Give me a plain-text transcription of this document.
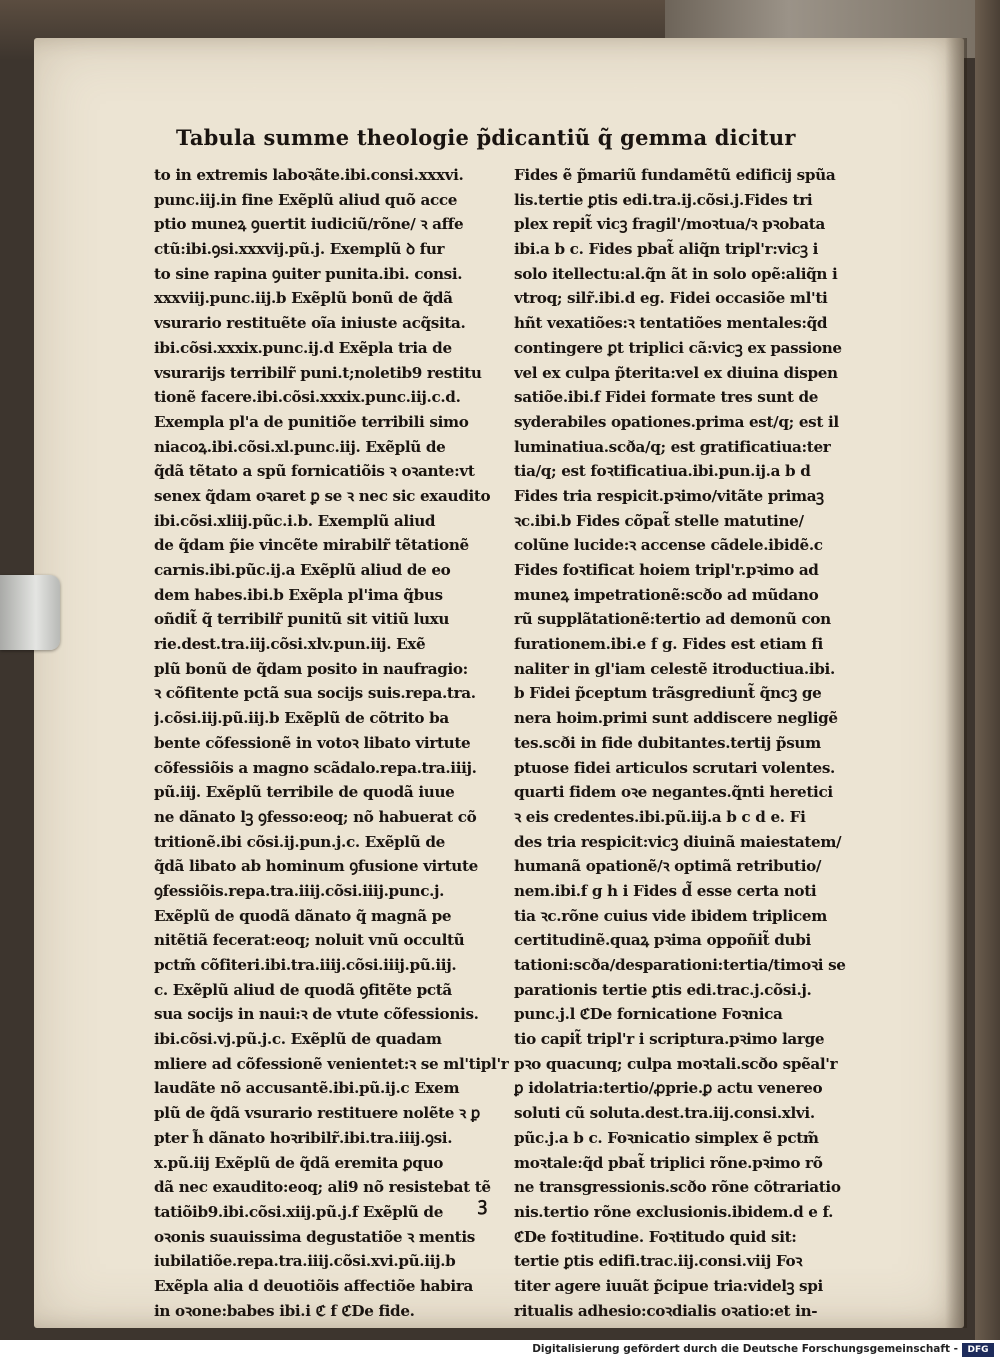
Tabula summe theologie p̃dicantiũ q̃ gemma dicitur
to in extremis laboꝛãte.ibi.consi.xxxvi.
punc.iij.in fine Exẽplũ aliud quõ acce
ptio muneꝝ ꝯuertit iudiciũ/rõne/ ꝛ affe
ctũ:ibi.ꝯsi.xxxvij.pũ.j. Exemplũ ꝺ fur
to sine rapina ꝯuiter punita.ibi. consi.
xxxviij.punc.iij.b Exẽplũ bonũ de q̃dã
vsurario restituẽte oĩa iniuste acq̃sita.
ibi.cõsi.xxxix.punc.ij.d Exẽpla tria de
vsurarijs terribilr̃ puni.t;noletib9 restitu
tionẽ facere.ibi.cõsi.xxxix.punc.iij.c.d.
Exempla pl'a de punitiõe terribili simo
niacoꝝ.ibi.cõsi.xl.punc.iij. Exẽplũ de
q̃dã tẽtato a spũ fornicatiõis ꝛ oꝛante:vt
senex q̃dam oꝛaret ꝑ se ꝛ nec sic exaudito
ibi.cõsi.xliij.pũc.i.b. Exemplũ aliud
de q̃dam p̃ie vincẽte mirabilr̃ tẽtationẽ
carnis.ibi.pũc.ij.a Exẽplũ aliud de eo
dem habes.ibi.b Exẽpla pl'ima q̃bus
oñdit̃ q̃ terribilr̃ punitũ sit vitiũ luxu
rie.dest.tra.iij.cõsi.xlv.pun.iij. Exẽ
plũ bonũ de q̃dam posito in naufragio:
ꝛ cõfitente pctã sua socijs suis.repa.tra.
j.cõsi.iij.pũ.iij.b Exẽplũ de cõtrito ba
bente cõfessionẽ in votoꝛ libato virtute
cõfessiõis a magno scãdalo.repa.tra.iiij.
pũ.iij. Exẽplũ terribile de quodã iuue
ne dãnato lꝫ ꝯfesso:eoq; nõ habuerat cõ
tritionẽ.ibi cõsi.ij.pun.j.c. Exẽplũ de
q̃dã libato ab hominum ꝯfusione virtute
ꝯfessiõis.repa.tra.iiij.cõsi.iiij.punc.j.
Exẽplũ de quodã dãnato q̃ magnã pe
nitẽtiã fecerat:eoq; noluit vnũ occultũ
pctm̃ cõfiteri.ibi.tra.iiij.cõsi.iiij.pũ.iij.
c. Exẽplũ aliud de quodã ꝯfitẽte pctã
sua socijs in naui:ꝛ de vtute cõfessionis.
ibi.cõsi.vj.pũ.j.c. Exẽplũ de quadam
mliere ad cõfessionẽ venientet:ꝛ se ml'tipl'r
laudãte nõ accusantẽ.ibi.pũ.ij.c Exem
plũ de q̃dã vsurario restituere nolẽte ꝛ ꝑ
pter h̃ dãnato hoꝛribilr̃.ibi.tra.iiij.ꝯsi.
x.pũ.iij Exẽplũ de q̃dã eremita ꝑquo
dã nec exaudito:eoq; ali9 nõ resistebat tẽ
tatiõib9.ibi.cõsi.xiij.pũ.j.f Exẽplũ de
oꝛonis suauissima degustatiõe ꝛ mentis
iubilatiõe.repa.tra.iiij.cõsi.xvi.pũ.iij.b
Exẽpla alia d deuotiõis affectiõe habira
in oꝛone:babes ibi.i ℭ f ℭDe fide.
Fides ẽ p̃mariũ fundamẽtũ edificij spũa
lis.tertie ꝑtis edi.tra.ij.cõsi.j.Fides tri
plex repit̃ vicꝫ fragil'/moꝛtua/ꝛ pꝛobata
ibi.a b c. Fides pbat̃ aliq̃n tripl'r:vicꝫ i
solo itellectu:al.q̃n ãt in solo opẽ:aliq̃n i
vtroq; silr̃.ibi.d eg. Fidei occasiõe ml'ti
hñt vexatiões:ꝛ tentatiões mentales:q̃d
contingere ꝑt triplici cã:vicꝫ ex passione
vel ex culpa p̃terita:vel ex diuina dispen
satiõe.ibi.f Fidei formate tres sunt de
syderabiles opationes.prima est/q; est il
luminatiua.scða/q; est gratificatiua:ter
tia/q; est foꝛtificatiua.ibi.pun.ij.a b d
Fides tria respicit.pꝛimo/vitãte primaꝫ
ꝛc.ibi.b Fides cõpat̃ stelle matutine/
colũne lucide:ꝛ accense cãdele.ibidẽ.c
Fides foꝛtificat hoiem tripl'r.pꝛimo ad
muneꝝ impetrationẽ:scðo ad mũdano
rũ supplãtationẽ:tertio ad demonũ con
furationem.ibi.e f g. Fides est etiam fi
naliter in gl'iam celestẽ itroductiua.ibi.
b Fidei p̃ceptum trãsgrediunt̃ q̃ncꝫ ge
nera hoim.primi sunt addiscere negligẽ
tes.scði in fide dubitantes.tertij p̃sum
ptuose fidei articulos scrutari volentes.
quarti fidem oꝛe negantes.q̃nti heretici
ꝛ eis credentes.ibi.pũ.iij.a b c d e. Fi
des tria respicit:vicꝫ diuinã maiestatem/
humanã opationẽ/ꝛ optimã retributio/
nem.ibi.f g h i Fides d̃ esse certa noti
tia ꝛc.rõne cuius vide ibidem triplicem
certitudinẽ.quaꝝ pꝛima oppoñit̃ dubi
tationi:scða/desparationi:tertia/timoꝛi se
parationis tertie ꝑtis edi.trac.j.cõsi.j.
punc.j.l ℭDe fornicatione Foꝛnica
tio capit̃ tripl'r i scriptura.pꝛimo large
pꝛo quacunq; culpa moꝛtali.scðo spẽal'r
ꝑ idolatria:tertio/ꝓprie.ꝑ actu venereo
soluti cũ soluta.dest.tra.iij.consi.xlvi.
pũc.j.a b c. Foꝛnicatio simplex ẽ pctm̃
moꝛtale:q̃d pbat̃ triplici rõne.pꝛimo rõ
ne transgressionis.scðo rõne cõtrariatio
nis.tertio rõne exclusionis.ibidem.d e f.
ℭDe foꝛtitudine. Foꝛtitudo quid sit:
tertie ꝑtis edifi.trac.iij.consi.viij Foꝛ
titer agere iuuãt p̃cipue tria:videlꝫ spi
ritualis adhesio:coꝛdialis oꝛatio:et in-
ꝫ
Digitalisierung gefördert durch die Deutsche Forschungsgemeinschaft -	DFG
